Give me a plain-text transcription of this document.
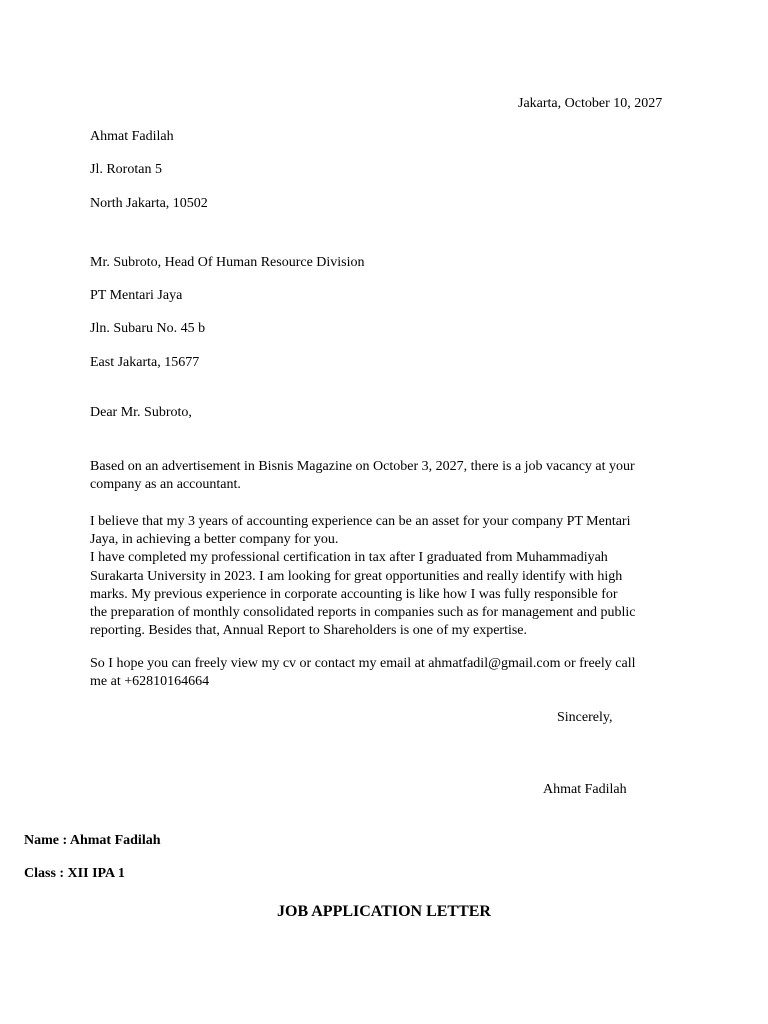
Jakarta, October 10, 2027
Ahmat Fadilah
Jl. Rorotan 5
North Jakarta, 10502
Mr. Subroto, Head Of Human Resource Division
PT Mentari Jaya
Jln. Subaru No. 45 b
East Jakarta, 15677
Dear Mr. Subroto,
Based on an advertisement in Bisnis Magazine on October 3, 2027, there is a job vacancy at your
company as an accountant.
I believe that my 3 years of accounting experience can be an asset for your company PT Mentari
Jaya, in achieving a better company for you.
I have completed my professional certification in tax after I graduated from Muhammadiyah
Surakarta University in 2023. I am looking for great opportunities and really identify with high
marks. My previous experience in corporate accounting is like how I was fully responsible for
the preparation of monthly consolidated reports in companies such as for management and public
reporting. Besides that, Annual Report to Shareholders is one of my expertise.
So I hope you can freely view my cv or contact my email at ahmatfadil@gmail.com or freely call
me at +62810164664
Sincerely,
Ahmat Fadilah
Name : Ahmat Fadilah
Class : XII IPA 1
JOB APPLICATION LETTER
